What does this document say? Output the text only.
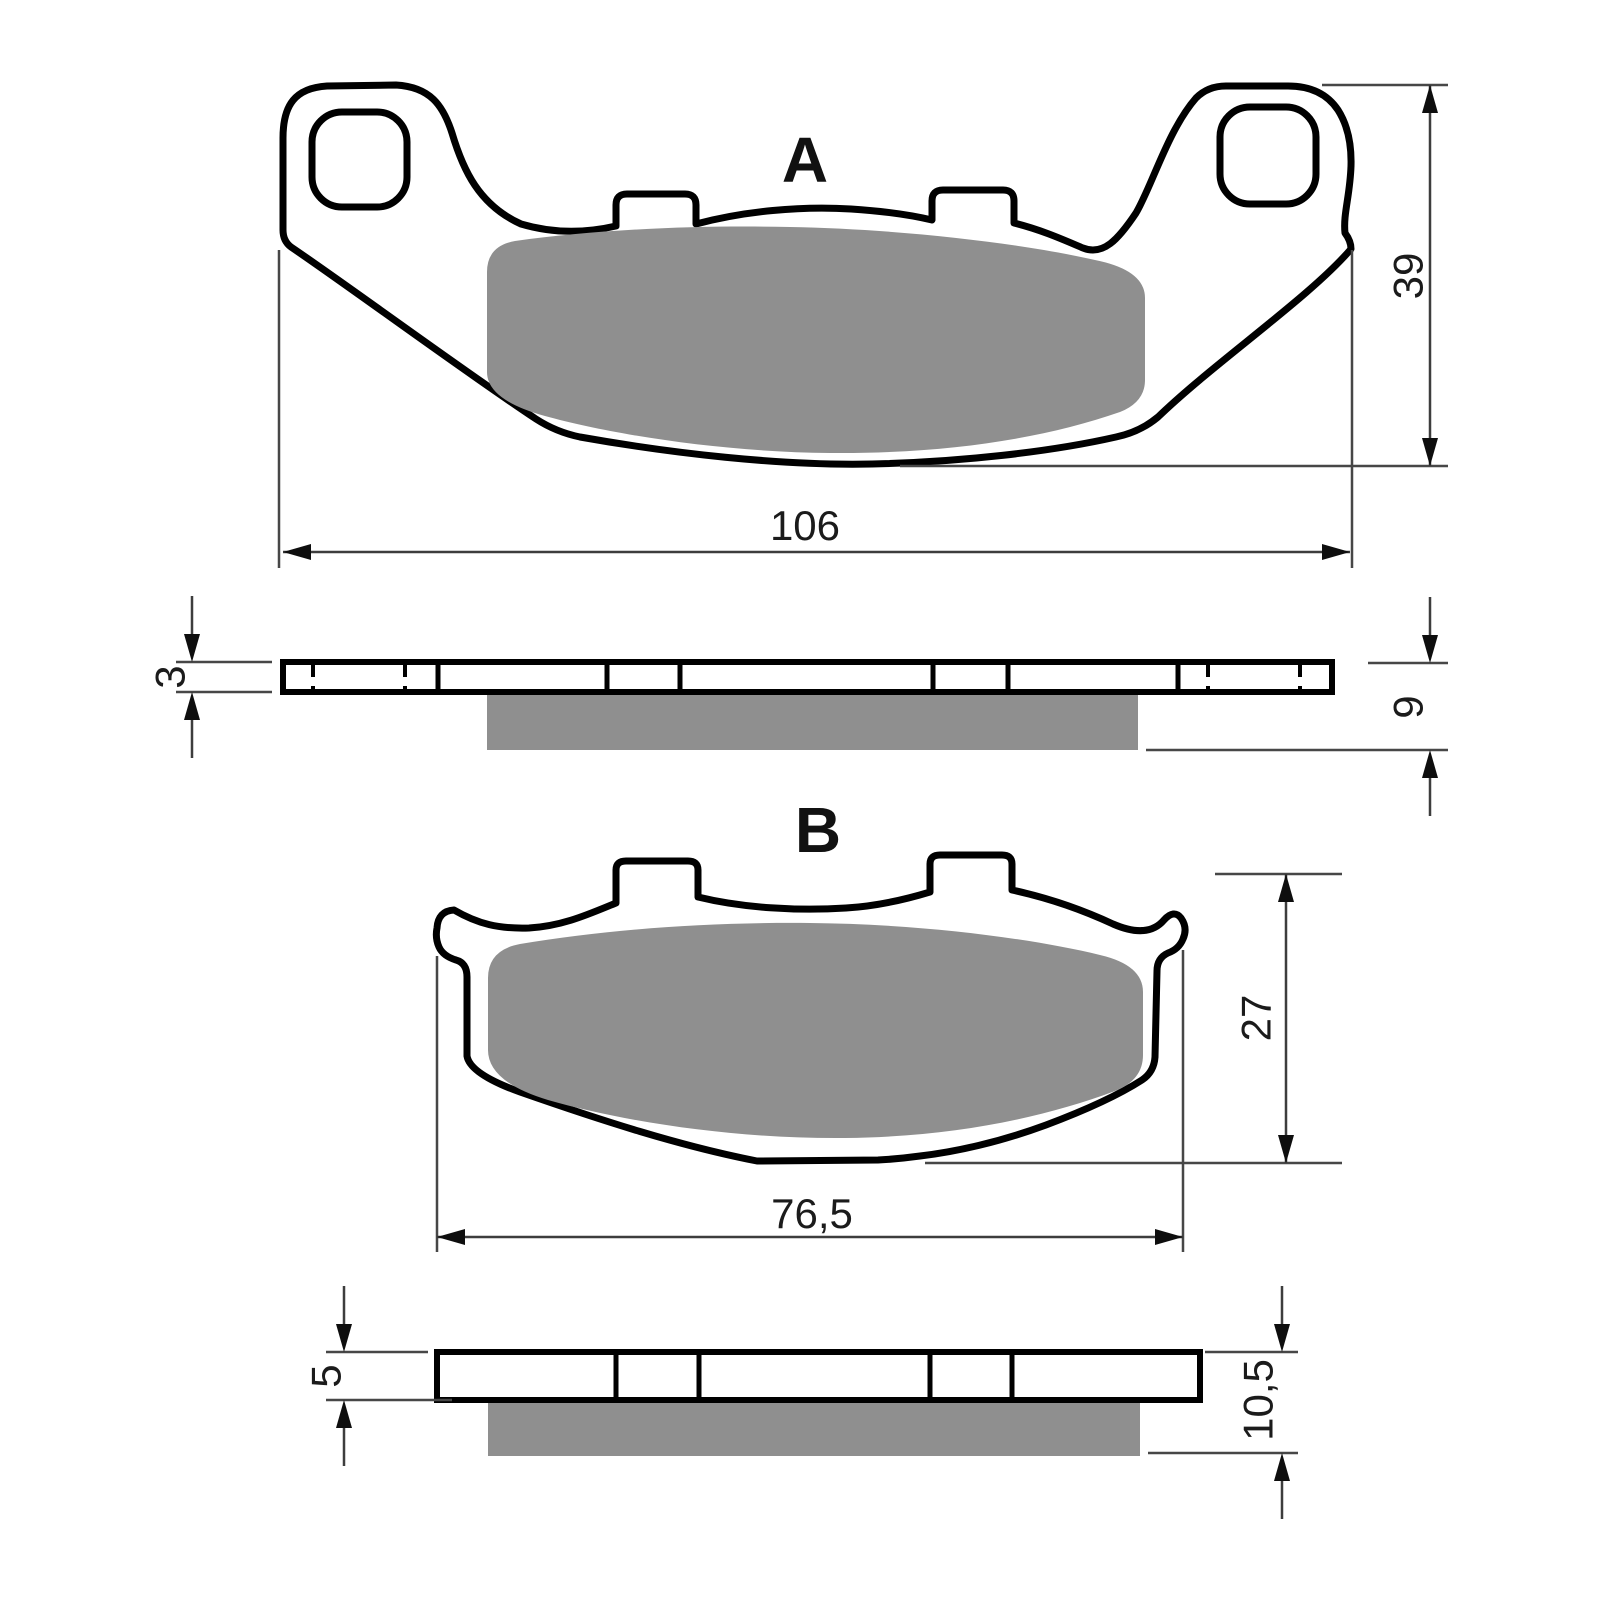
A
106
39
3
9
B
76,5
27
5	10,5
